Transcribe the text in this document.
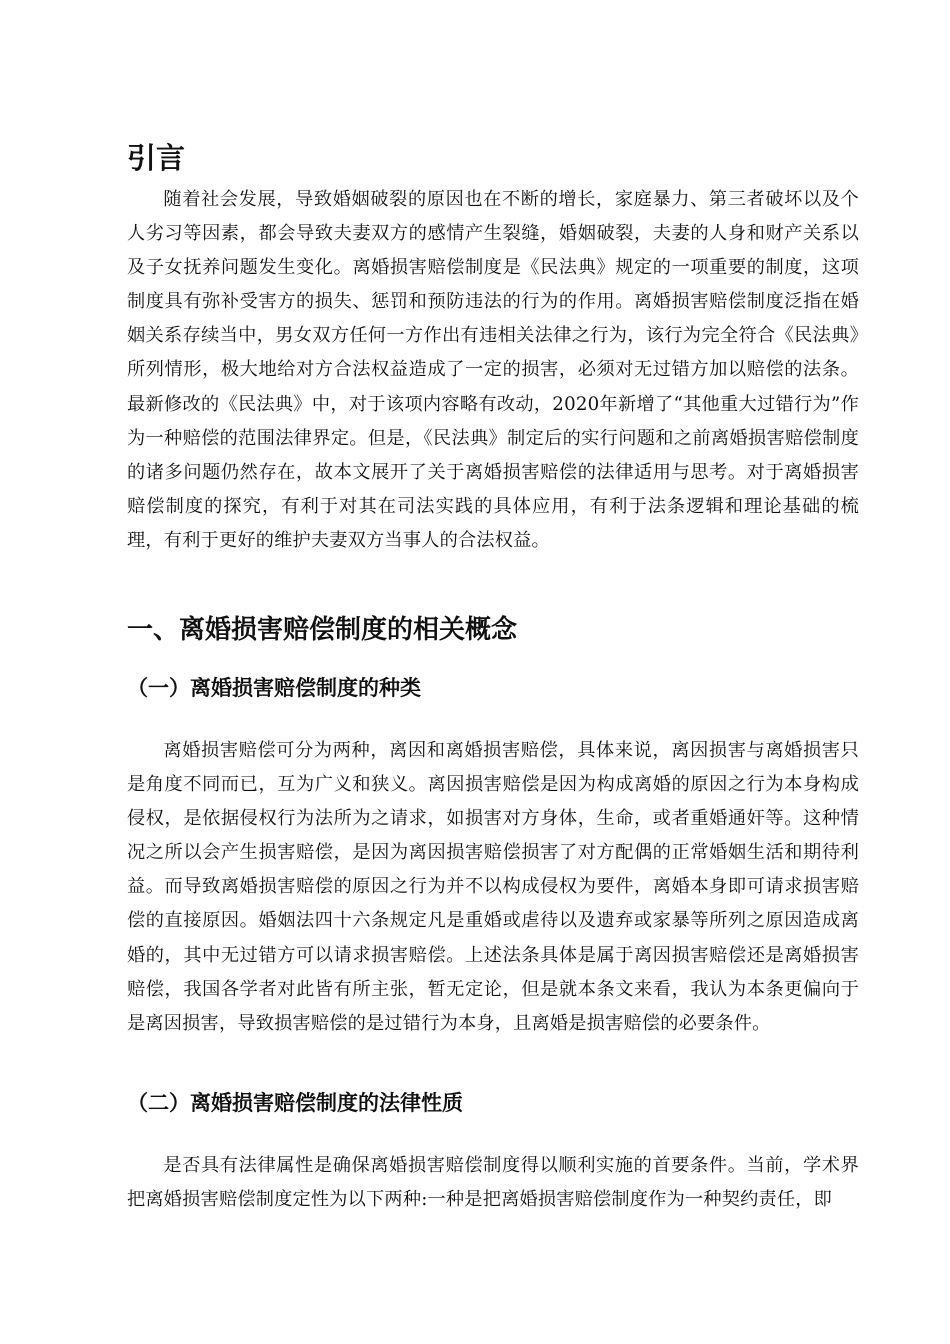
引言

随着社会发展，导致婚姻破裂的原因也在不断的增长，家庭暴力、第三者破坏以及个人劣习等因素，都会导致夫妻双方的感情产生裂缝，婚姻破裂，夫妻的人身和财产关系以及子女抚养问题发生变化。离婚损害赔偿制度是《民法典》规定的一项重要的制度，这项制度具有弥补受害方的损失、惩罚和预防违法的行为的作用。离婚损害赔偿制度泛指在婚姻关系存续当中，男女双方任何一方作出有违相关法律之行为，该行为完全符合《民法典》所列情形，极大地给对方合法权益造成了一定的损害，必须对无过错方加以赔偿的法条。最新修改的《民法典》中，对于该项内容略有改动，2020年新增了“其他重大过错行为”作为一种赔偿的范围法律界定。但是，《民法典》制定后的实行问题和之前离婚损害赔偿制度的诸多问题仍然存在，故本文展开了关于离婚损害赔偿的法律适用与思考。对于离婚损害赔偿制度的探究，有利于对其在司法实践的具体应用，有利于法条逻辑和理论基础的梳理，有利于更好的维护夫妻双方当事人的合法权益。

一、离婚损害赔偿制度的相关概念
（一）离婚损害赔偿制度的种类

离婚损害赔偿可分为两种，离因和离婚损害赔偿，具体来说，离因损害与离婚损害只是角度不同而已，互为广义和狭义。离因损害赔偿是因为构成离婚的原因之行为本身构成侵权，是依据侵权行为法所为之请求，如损害对方身体，生命，或者重婚通奸等。这种情况之所以会产生损害赔偿，是因为离因损害赔偿损害了对方配偶的正常婚姻生活和期待利益。而导致离婚损害赔偿的原因之行为并不以构成侵权为要件，离婚本身即可请求损害赔偿的直接原因。婚姻法四十六条规定凡是重婚或虐待以及遗弃或家暴等所列之原因造成离婚的，其中无过错方可以请求损害赔偿。上述法条具体是属于离因损害赔偿还是离婚损害赔偿，我国各学者对此皆有所主张，暂无定论，但是就本条文来看，我认为本条更偏向于是离因损害，导致损害赔偿的是过错行为本身，且离婚是损害赔偿的必要条件。

（二）离婚损害赔偿制度的法律性质

是否具有法律属性是确保离婚损害赔偿制度得以顺利实施的首要条件。当前，学术界把离婚损害赔偿制度定性为以下两种:一种是把离婚损害赔偿制度作为一种契约责任，即
